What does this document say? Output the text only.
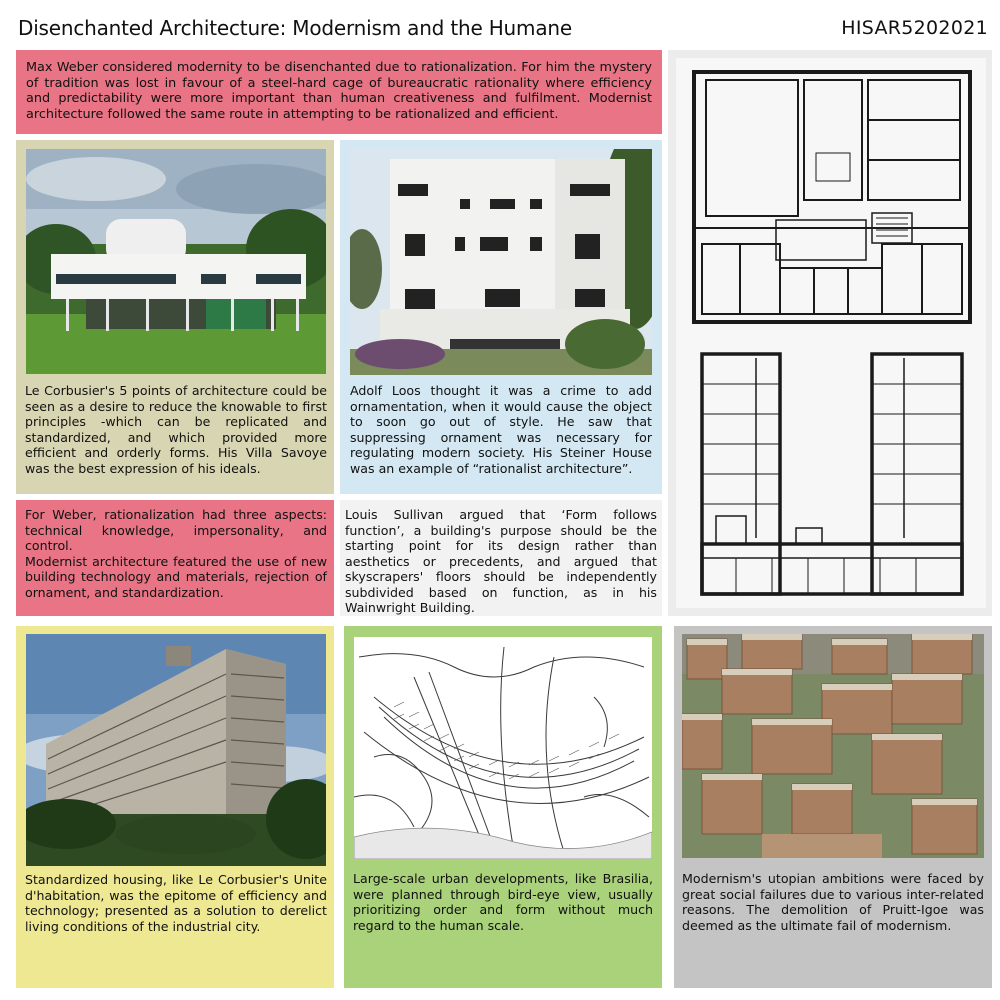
Disenchanted Architecture: Modernism and the Humane	HISAR5202021

Max Weber considered modernity to be disenchanted due to rationalization. For him the mystery of tradition was lost in favour of a steel-hard cage of bureaucratic rationality where efficiency and predictability were more important than human creativeness and fulfilment. Modernist architecture followed the same route in attempting to be rationalized and efficient.

Le Corbusier's 5 points of architecture could be seen as a desire to reduce the knowable to first principles -which can be replicated and standardized, and which provided more efficient and orderly forms. His Villa Savoye was the best expression of his ideals.

Adolf Loos thought it was a crime to add ornamentation, when it would cause the object to soon go out of style. He saw that suppressing ornament was necessary for regulating modern society. His Steiner House was an example of “rationalist architecture”.

For Weber, rationalization had three aspects: technical knowledge, impersonality, and control.

Modernist architecture featured the use of new building technology and materials, rejection of ornament, and standardization.

Louis Sullivan argued that ‘Form follows function’, a building's purpose should be the starting point for its design rather than aesthetics or precedents, and argued that skyscrapers' floors should be independently subdivided based on function, as in his Wainwright Building.

Standardized housing, like Le Corbusier's Unite d'habitation, was the epitome of efficiency and technology; presented as a solution to derelict living conditions of the industrial city.

Large-scale urban developments, like Brasilia, were planned through bird-eye view, usually prioritizing order and form without much regard to the human scale.

Modernism's utopian ambitions were faced by great social failures due to various inter-related reasons. The demolition of Pruitt-Igoe was deemed as the ultimate fail of modernism.
